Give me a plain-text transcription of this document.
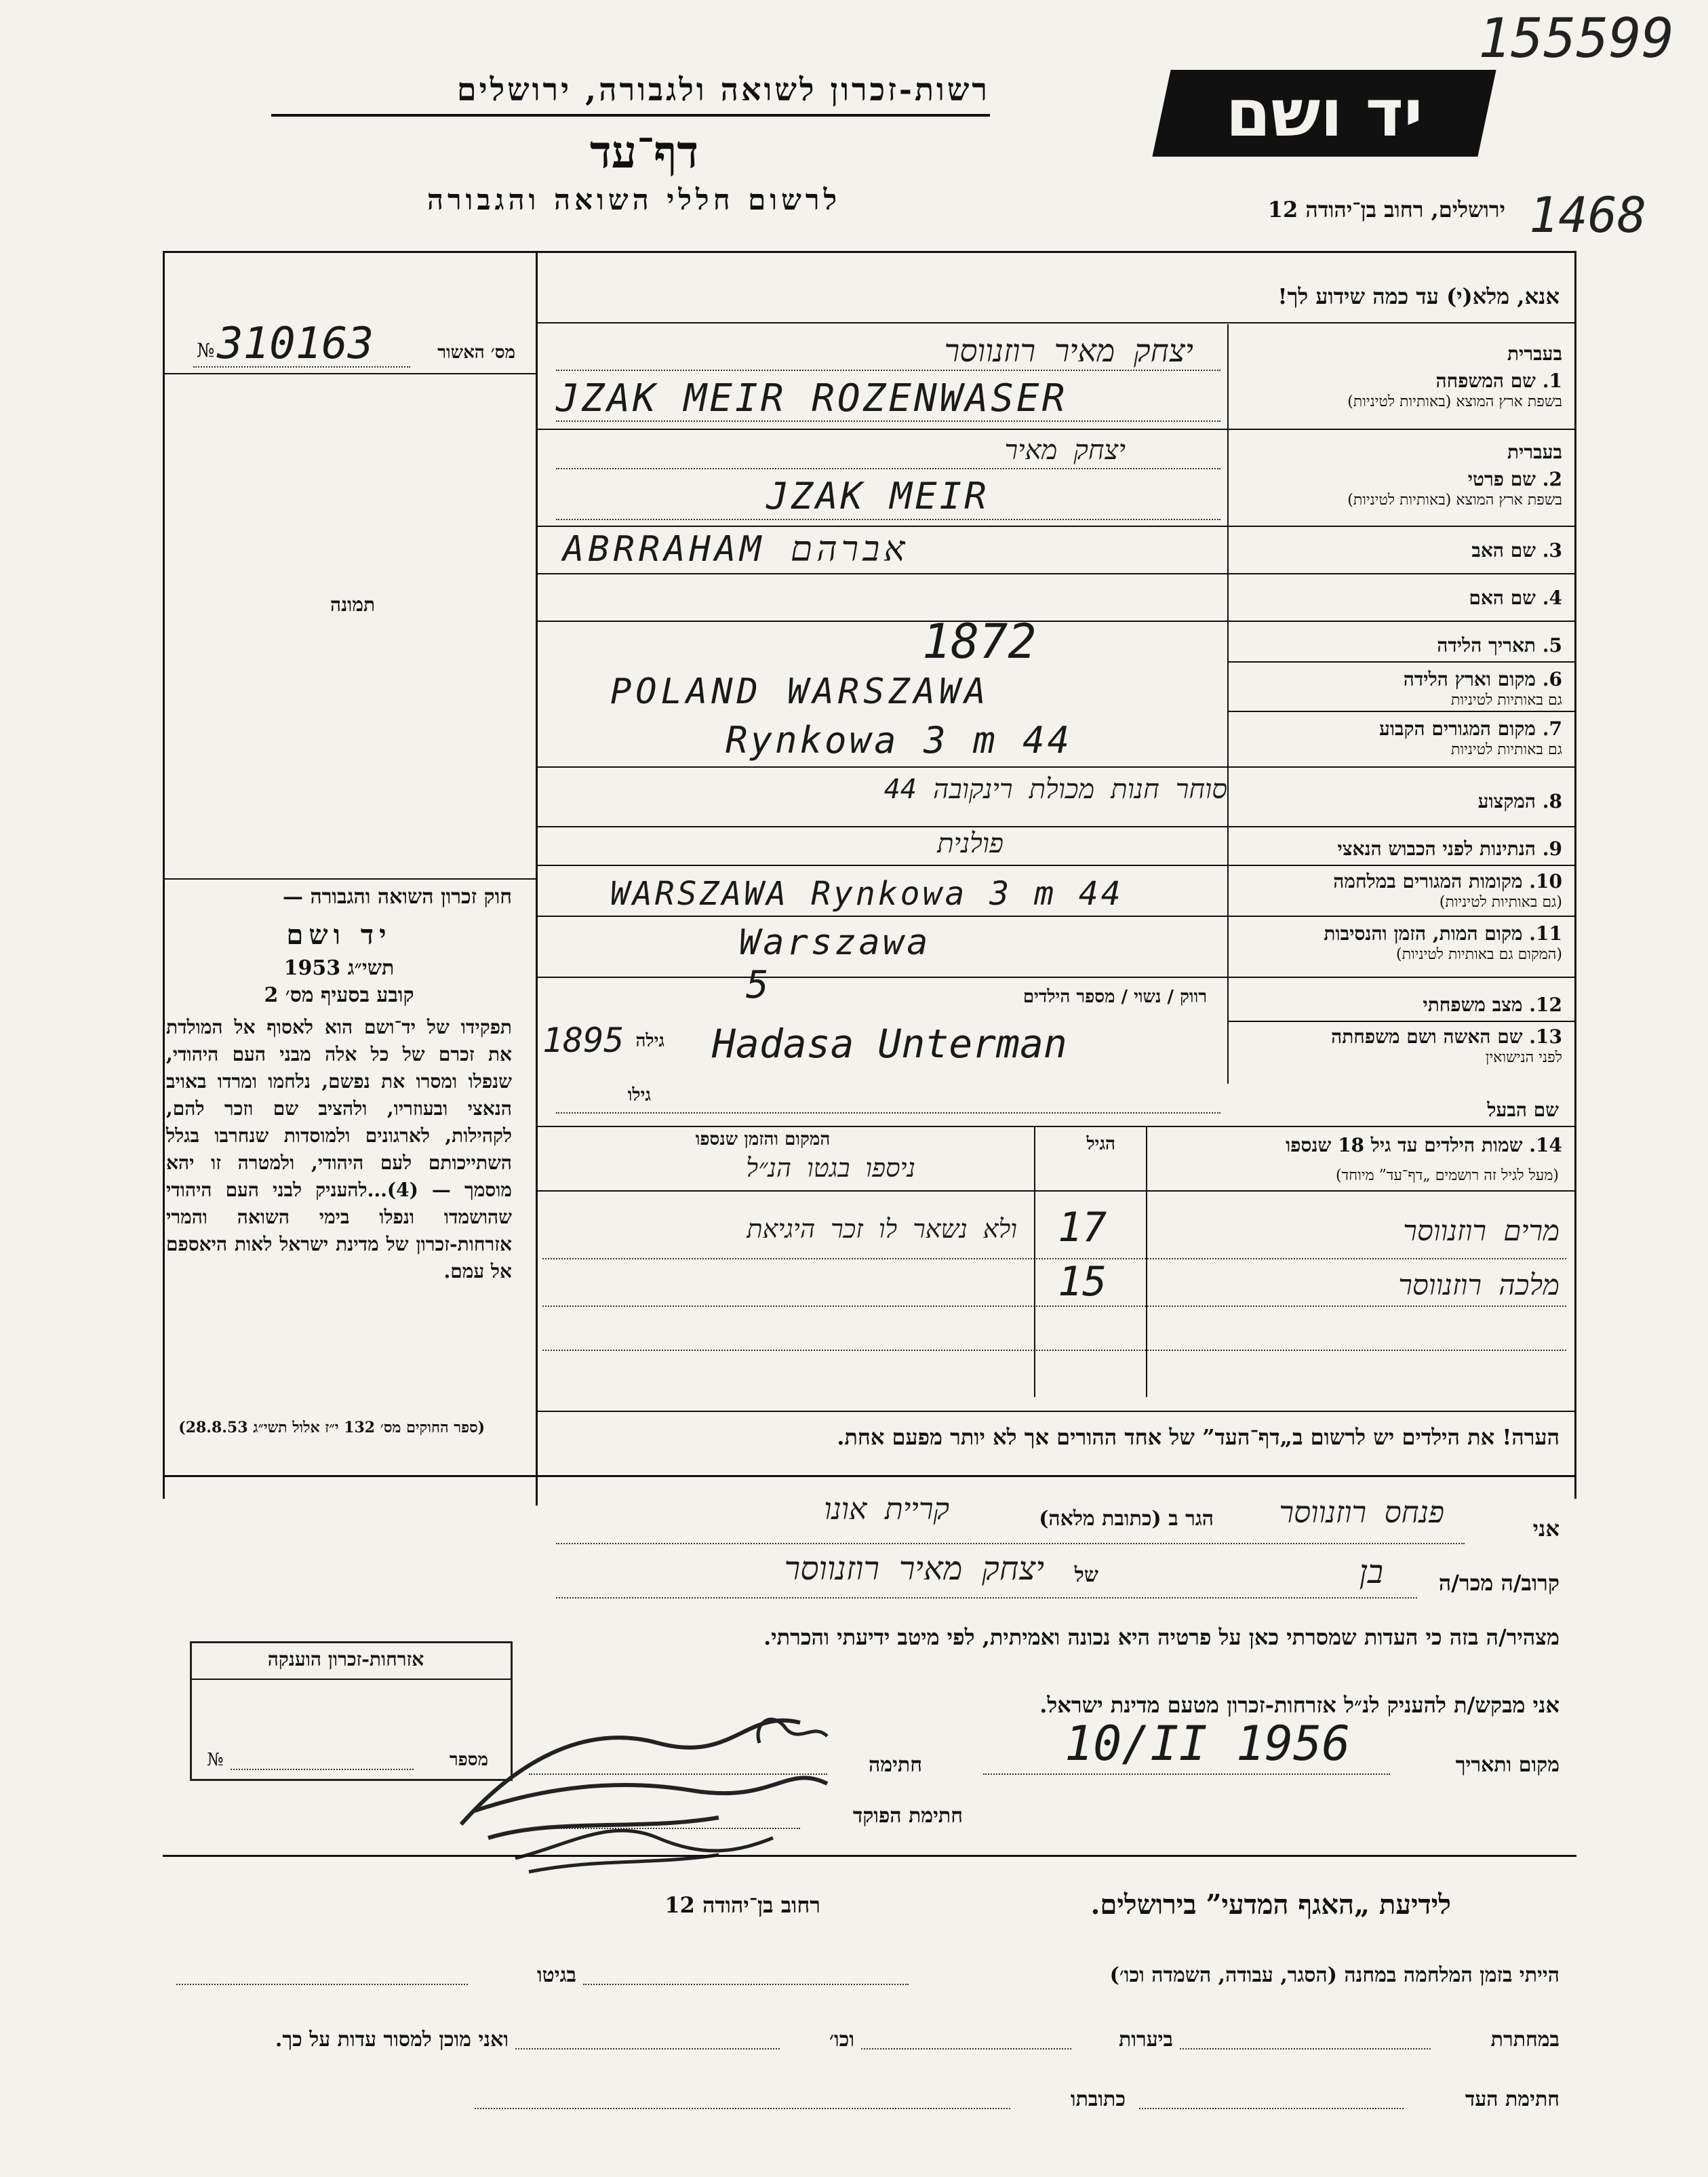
155599
1468
רשות-זכרון לשואה ולגבורה, ירושלים
דף־עד
לרשום חללי השואה והגבורה
יד ושם
ירושלים, רחוב בן־יהודה 12
מס׳ האשור
№ 310163
תמונה
חוק זכרון השואה והגבורה —
יד ושם
תשי״ג 1953
קובע בסעיף מס׳ 2
תפקידו של יד־ושם הוא לאסוף אל המולדת את זכרם של כל אלה מבני העם היהודי, שנפלו ומסרו את נפשם, נלחמו ומרדו באויב הנאצי ובעוזריו, ולהציב שם וזכר להם, לקהילות, לארגונים ולמוסדות שנחרבו בגלל השתייכותם לעם היהודי, ולמטרה זו יהא מוסמך — (4)...להעניק לבני העם היהודי שהושמדו ונפלו בימי השואה והמרי אזרחות-זכרון של מדינת ישראל לאות היאספם אל עמם.
(ספר החוקים מס׳ 132 י״ז אלול תשי״ג 28.8.53)
אנא, מלא(י) עד כמה שידוע לך!
בעברית
1. שם המשפחה
בשפת ארץ המוצא (באותיות לטיניות)
יצחק מאיר רוזנווסר
JZAK MEIR ROZENWASER
בעברית
2. שם פרטי
בשפת ארץ המוצא (באותיות לטיניות)
יצחק מאיר
JZAK MEIR
3. שם האב
ABRRAHAM אברהם
4. שם האם
5. תאריך הלידה
1872
6. מקום וארץ הלידה
גם באותיות לטיניות
POLAND WARSZAWA
7. מקום המגורים הקבוע
גם באותיות לטיניות
Rynkowa 3 m 44
8. המקצוע
סוחר חנות מכולת רינקובה 44
9. הנתינות לפני הכבוש הנאצי
פולנית
10. מקומות המגורים במלחמה
(גם באותיות לטיניות)
WARSZAWA Rynkowa 3 m 44
11. מקום המות, הזמן והנסיבות
(המקום גם באותיות לטיניות)
Warszawa
12. מצב משפחתי
רווק / נשוי / מספר הילדים
5
13. שם האשה ושם משפחתה
לפני הנישואין
Hadasa Unterman
גילה
1895
גילו
שם הבעל
14. שמות הילדים עד גיל 18 שנספו
(מעל לגיל זה רושמים „דף־עד” מיוחד)
הגיל
המקום והזמן שנספו
ניספו בגטו הנ״ל
מרים רוזנווסר
17
ולא נשאר לו זכר היגיאת
מלכה רוזנווסר
15
הערה! את הילדים יש לרשום ב„דף־העד” של אחד ההורים אך לא יותר מפעם אחת.
אני
פנחס רוזנווסר
הגר ב (כתובת מלאה)
קריית אונו
קרוב/ה מכר/ה
בן
של
יצחק מאיר רוזנווסר
מצהיר/ה בזה כי העדות שמסרתי כאן על פרטיה היא נכונה ואמיתית, לפי מיטב ידיעתי והכרתי.
אני מבקש/ת להעניק לנ״ל אזרחות-זכרון מטעם מדינת ישראל.
מקום ותאריך
10/II 1956
חתימה
חתימת הפוקד
אזרחות-זכרון הוענקה
מספר
№
לידיעת „האגף המדעי” בירושלים.
רחוב בן־יהודה 12
הייתי בזמן המלחמה במחנה (הסגר, עבודה, השמדה וכו׳)
בגיטו
במחתרת
ביערות
וכו׳
ואני מוכן למסור עדות על כך.
חתימת העד
כתובתו
